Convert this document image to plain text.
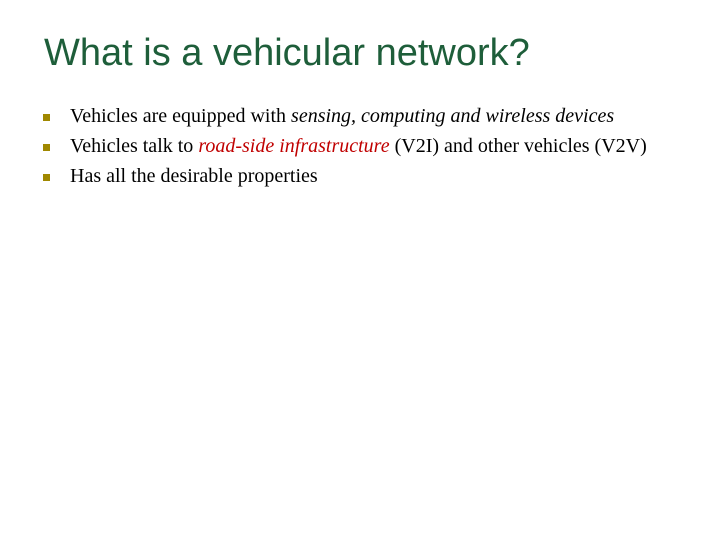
What is a vehicular network?
Vehicles are equipped with sensing, computing and wireless devices
Vehicles talk to road-side infrastructure (V2I) and other vehicles (V2V)
Has all the desirable properties
